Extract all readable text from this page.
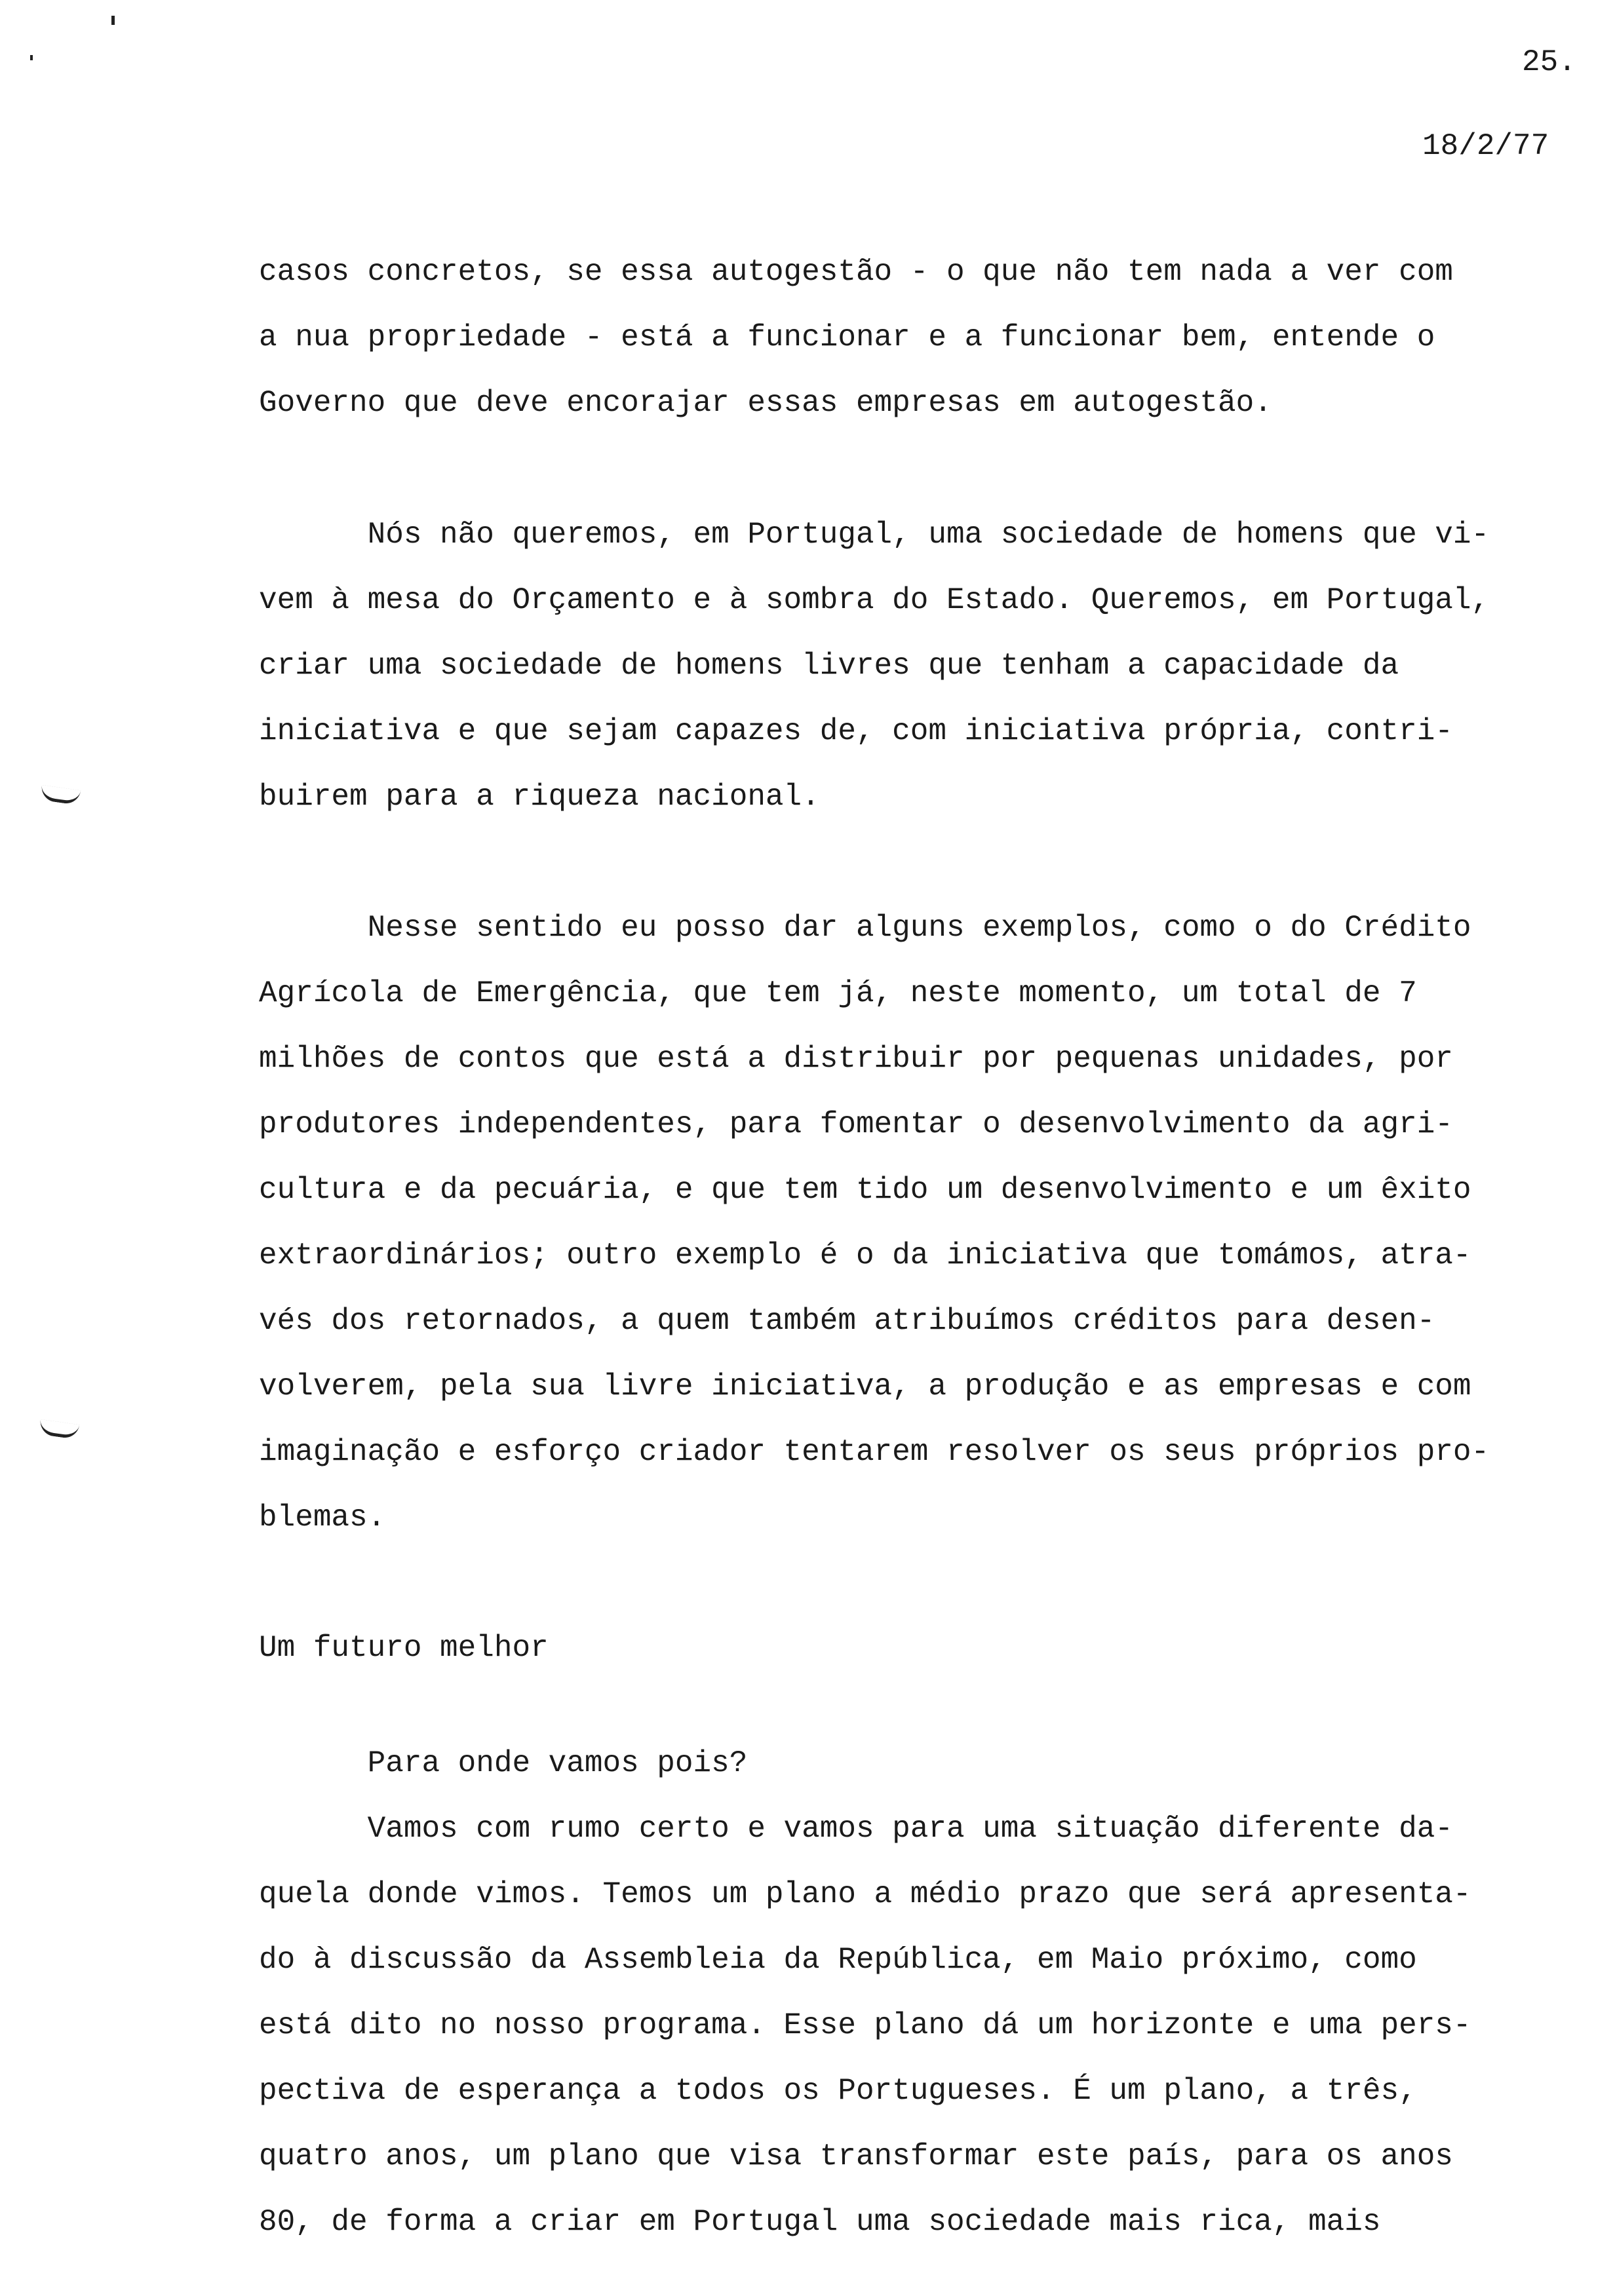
25.
18/2/77
casos concretos, se essa autogestão - o que não tem nada a ver com
a nua propriedade - está a funcionar e a funcionar bem, entende o
Governo que deve encorajar essas empresas em autogestão.
Nós não queremos, em Portugal, uma sociedade de homens que vi-
vem à mesa do Orçamento e à sombra do Estado. Queremos, em Portugal,
criar uma sociedade de homens livres que tenham a capacidade da
iniciativa e que sejam capazes de, com iniciativa própria, contri-
buirem para a riqueza nacional.
Nesse sentido eu posso dar alguns exemplos, como o do Crédito
Agrícola de Emergência, que tem já, neste momento, um total de 7
milhões de contos que está a distribuir por pequenas unidades, por
produtores independentes, para fomentar o desenvolvimento da agri-
cultura e da pecuária, e que tem tido um desenvolvimento e um êxito
extraordinários; outro exemplo é o da iniciativa que tomámos, atra-
vés dos retornados, a quem também atribuímos créditos para desen-
volverem, pela sua livre iniciativa, a produção e as empresas e com
imaginação e esforço criador tentarem resolver os seus próprios pro-
blemas.
Um futuro melhor
Para onde vamos pois?
Vamos com rumo certo e vamos para uma situação diferente da-
quela donde vimos. Temos um plano a médio prazo que será apresenta-
do à discussão da Assembleia da República, em Maio próximo, como
está dito no nosso programa. Esse plano dá um horizonte e uma pers-
pectiva de esperança a todos os Portugueses. É um plano, a três,
quatro anos, um plano que visa transformar este país, para os anos
80, de forma a criar em Portugal uma sociedade mais rica, mais
